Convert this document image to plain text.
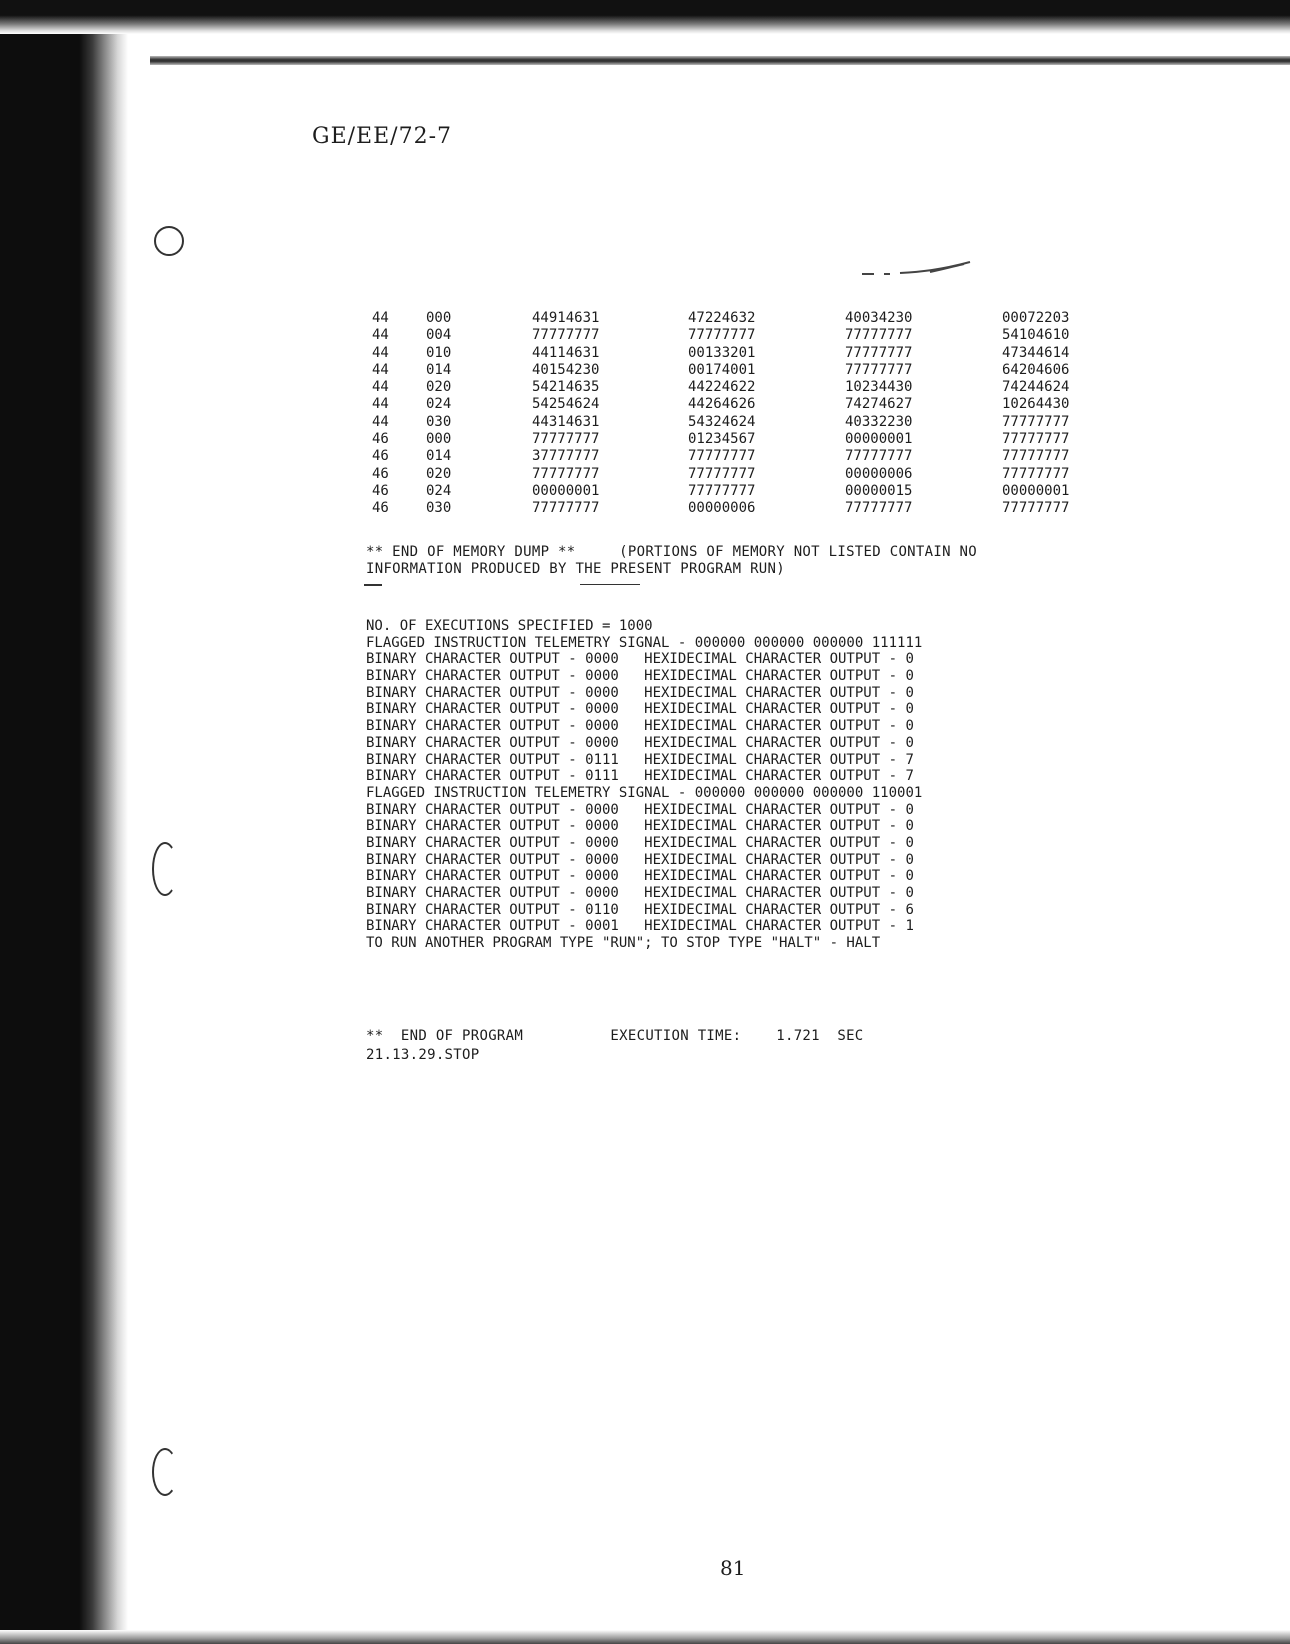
GE/EE/72-7
44	000	44914631	47224632	40034230	00072203
44	004	77777777	77777777	77777777	54104610
44	010	44114631	00133201	77777777	47344614
44	014	40154230	00174001	77777777	64204606
44	020	54214635	44224622	10234430	74244624
44	024	54254624	44264626	74274627	10264430
44	030	44314631	54324624	40332230	77777777
46	000	77777777	01234567	00000001	77777777
46	014	37777777	77777777	77777777	77777777
46	020	77777777	77777777	00000006	77777777
46	024	00000001	77777777	00000015	00000001
46	030	77777777	00000006	77777777	77777777
** END OF MEMORY DUMP **     (PORTIONS OF MEMORY NOT LISTED CONTAIN NO
INFORMATION PRODUCED BY THE PRESENT PROGRAM RUN)
NO. OF EXECUTIONS SPECIFIED = 1000
FLAGGED INSTRUCTION TELEMETRY SIGNAL - 000000 000000 000000 111111
BINARY CHARACTER OUTPUT - 0000   HEXIDECIMAL CHARACTER OUTPUT - 0
BINARY CHARACTER OUTPUT - 0000   HEXIDECIMAL CHARACTER OUTPUT - 0
BINARY CHARACTER OUTPUT - 0000   HEXIDECIMAL CHARACTER OUTPUT - 0
BINARY CHARACTER OUTPUT - 0000   HEXIDECIMAL CHARACTER OUTPUT - 0
BINARY CHARACTER OUTPUT - 0000   HEXIDECIMAL CHARACTER OUTPUT - 0
BINARY CHARACTER OUTPUT - 0000   HEXIDECIMAL CHARACTER OUTPUT - 0
BINARY CHARACTER OUTPUT - 0111   HEXIDECIMAL CHARACTER OUTPUT - 7
BINARY CHARACTER OUTPUT - 0111   HEXIDECIMAL CHARACTER OUTPUT - 7
FLAGGED INSTRUCTION TELEMETRY SIGNAL - 000000 000000 000000 110001
BINARY CHARACTER OUTPUT - 0000   HEXIDECIMAL CHARACTER OUTPUT - 0
BINARY CHARACTER OUTPUT - 0000   HEXIDECIMAL CHARACTER OUTPUT - 0
BINARY CHARACTER OUTPUT - 0000   HEXIDECIMAL CHARACTER OUTPUT - 0
BINARY CHARACTER OUTPUT - 0000   HEXIDECIMAL CHARACTER OUTPUT - 0
BINARY CHARACTER OUTPUT - 0000   HEXIDECIMAL CHARACTER OUTPUT - 0
BINARY CHARACTER OUTPUT - 0000   HEXIDECIMAL CHARACTER OUTPUT - 0
BINARY CHARACTER OUTPUT - 0110   HEXIDECIMAL CHARACTER OUTPUT - 6
BINARY CHARACTER OUTPUT - 0001   HEXIDECIMAL CHARACTER OUTPUT - 1
TO RUN ANOTHER PROGRAM TYPE "RUN"; TO STOP TYPE "HALT" - HALT
**  END OF PROGRAM          EXECUTION TIME:    1.721  SEC
21.13.29.STOP
81
